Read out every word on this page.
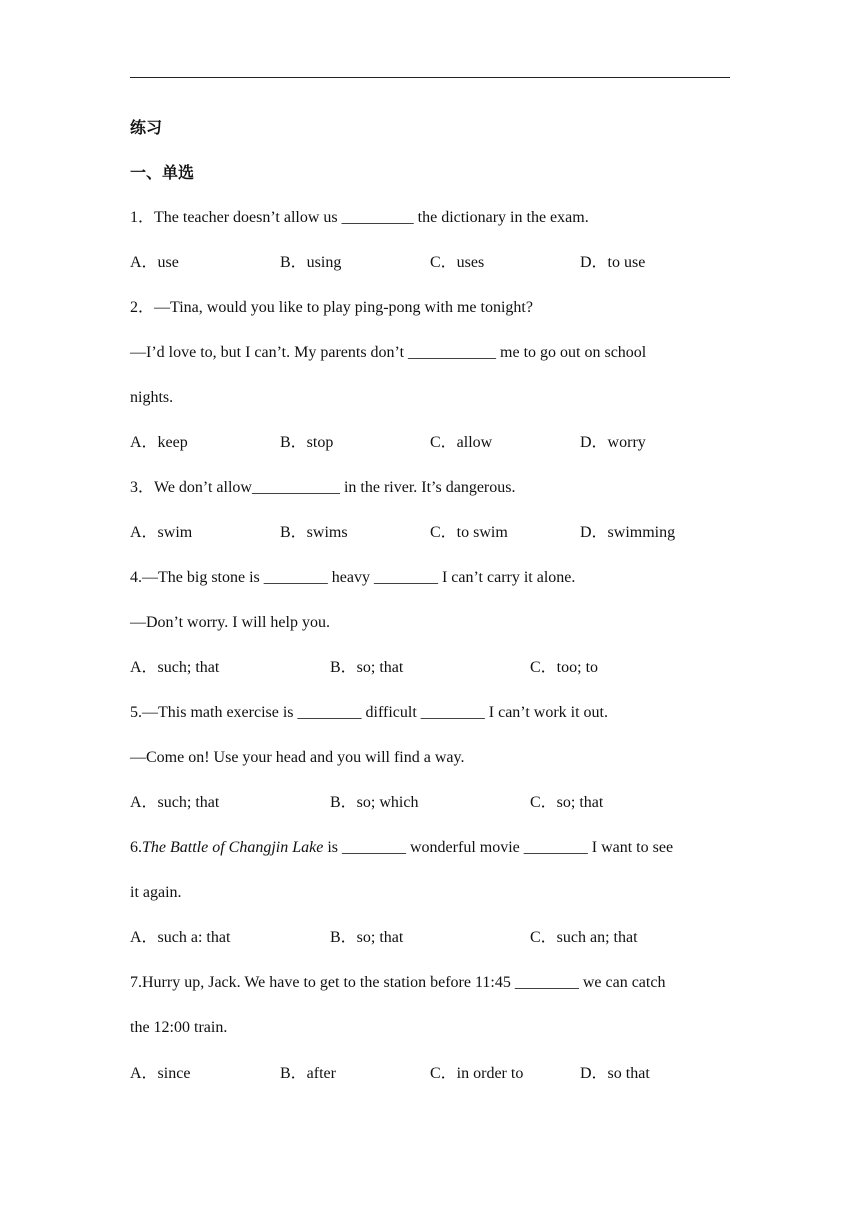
练习
一、单选
1．The teacher doesn’t allow us _________ the dictionary in the exam.
A．use	B．using	C．uses	D．to use
2．—Tina, would you like to play ping-pong with me tonight?
—I’d love to, but I can’t. My parents don’t ___________ me to go out on school
nights.
A．keep	B．stop	C．allow	D．worry
3．We don’t allow___________ in the river. It’s dangerous.
A．swim	B．swims	C．to swim	D．swimming
4.—The big stone is ________ heavy ________ I can’t carry it alone.
—Don’t worry. I will help you.
A．such; that	B．so; that	C．too; to
5.—This math exercise is ________ difficult ________ I can’t work it out.
—Come on! Use your head and you will find a way.
A．such; that	B．so; which	C．so; that
6.The Battle of Changjin Lake is ________ wonderful movie ________ I want to see
it again.
A．such a: that	B．so; that	C．such an; that
7.Hurry up, Jack. We have to get to the station before 11:45 ________ we can catch
the 12:00 train.
A．since	B．after	C．in order to	D．so that
